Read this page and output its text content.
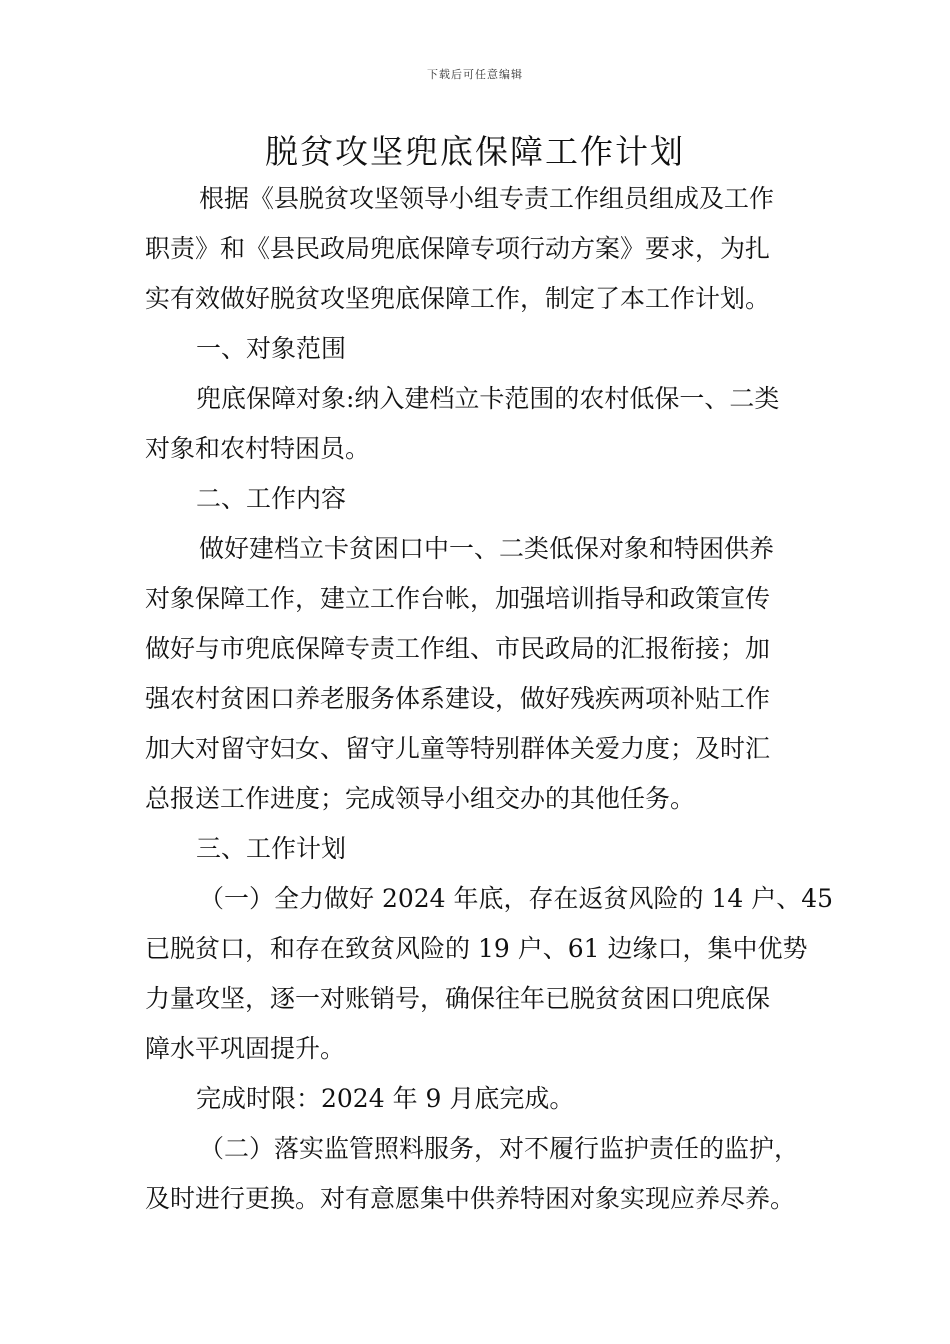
下载后可任意编辑
脱贫攻坚兜底保障工作计划
根据《县脱贫攻坚领导小组专责工作组员组成及工作
职责》和《县民政局兜底保障专项行动方案》要求，为扎
实有效做好脱贫攻坚兜底保障工作，制定了本工作计划。
一、对象范围
兜底保障对象:纳入建档立卡范围的农村低保一、二类
对象和农村特困员。
二、工作内容
做好建档立卡贫困口中一、二类低保对象和特困供养
对象保障工作，建立工作台帐，加强培训指导和政策宣传
做好与市兜底保障专责工作组、市民政局的汇报衔接；加
强农村贫困口养老服务体系建设，做好残疾两项补贴工作
加大对留守妇女、留守儿童等特别群体关爱力度；及时汇
总报送工作进度；完成领导小组交办的其他任务。
三、工作计划
（一）全力做好 2024 年底，存在返贫风险的 14 户、45
已脱贫口，和存在致贫风险的 19 户、61 边缘口，集中优势
力量攻坚，逐一对账销号，确保往年已脱贫贫困口兜底保
障水平巩固提升。
完成时限：2024 年 9 月底完成。
（二）落实监管照料服务，对不履行监护责任的监护，
及时进行更换。对有意愿集中供养特困对象实现应养尽养。
